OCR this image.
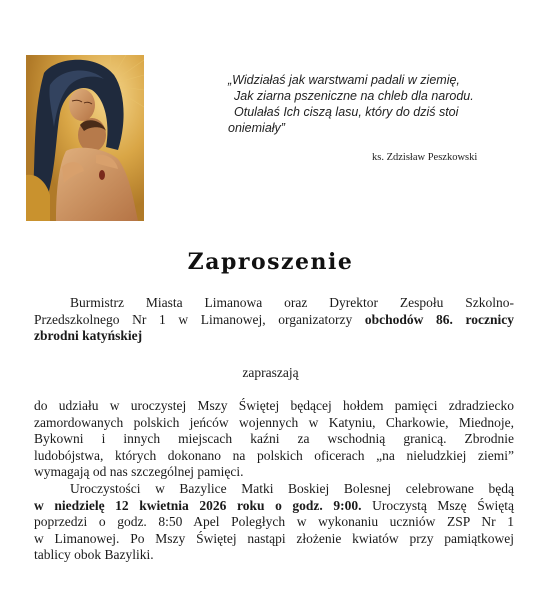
„Widziałaś jak warstwami padali w ziemię,
Jak ziarna pszeniczne na chleb dla narodu.
Otulałaś Ich ciszą lasu, który do dziś stoi
oniemiały”
ks. Zdzisław Peszkowski
Zaproszenie
Burmistrz Miasta Limanowa oraz Dyrektor Zespołu Szkolno-
Przedszkolnego Nr 1 w Limanowej, organizatorzy obchodów 86. rocznicy
zbrodni katyńskiej
zapraszają
do udziału w uroczystej Mszy Świętej będącej hołdem pamięci zdradziecko
zamordowanych polskich jeńców wojennych w Katyniu, Charkowie, Miednoje,
Bykowni i innych miejscach kaźni za wschodnią granicą. Zbrodnie
ludobójstwa, których dokonano na polskich oficerach „na nieludzkiej ziemi”
wymagają od nas szczególnej pamięci.
Uroczystości w Bazylice Matki Boskiej Bolesnej celebrowane będą
w niedzielę 12 kwietnia 2026 roku o godz. 9:00. Uroczystą Mszę Świętą
poprzedzi o godz. 8:50 Apel Poległych w wykonaniu uczniów ZSP Nr 1
w Limanowej. Po Mszy Świętej nastąpi złożenie kwiatów przy pamiątkowej
tablicy obok Bazyliki.
